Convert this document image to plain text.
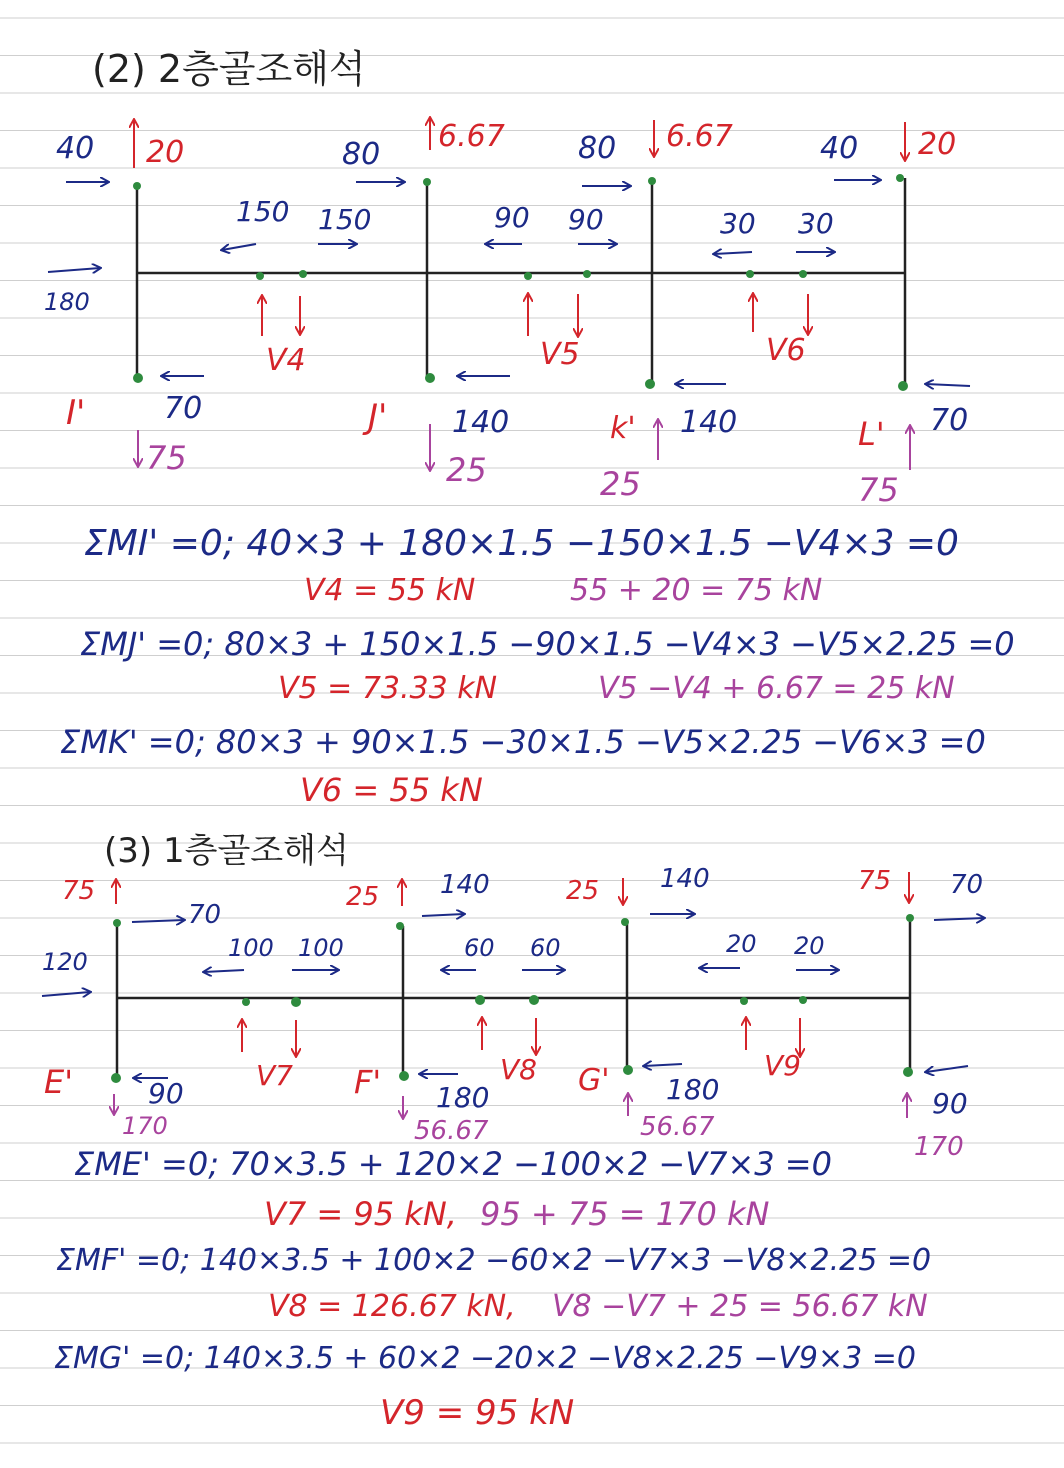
(2) 2층골조해석
40 20	80
6.67 80 6.67	40 20
150 150	90 90	30 30
180
V4	V5	V6
I'	70
75
J' 140
25
k' 140
25
L' 70
75
ΣMI' =0; 40×3 + 180×1.5 −150×1.5 −V4×3 =0
V4 = 55 kN	55 + 20 = 75 kN
ΣMJ' =0; 80×3 + 150×1.5 −90×1.5 −V4×3 −V5×2.25 =0
V5 = 73.33 kN	V5 −V4 + 6.67 = 25 kN
ΣMK' =0; 80×3 + 90×1.5 −30×1.5 −V5×2.25 −V6×3 =0
V6 = 55 kN
(3) 1층골조해석
75
70
25 140	25 140	75 70
100 100	60 60	20 20
120
V7	V8	V9
E'	90
170
F' 180
56.67
G' 180
56.67
90
170
ΣME' =0; 70×3.5 + 120×2 −100×2 −V7×3 =0
V7 = 95 kN, 95 + 75 = 170 kN
ΣMF' =0; 140×3.5 + 100×2 −60×2 −V7×3 −V8×2.25 =0
V8 = 126.67 kN, V8 −V7 + 25 = 56.67 kN
ΣMG' =0; 140×3.5 + 60×2 −20×2 −V8×2.25 −V9×3 =0
V9 = 95 kN
